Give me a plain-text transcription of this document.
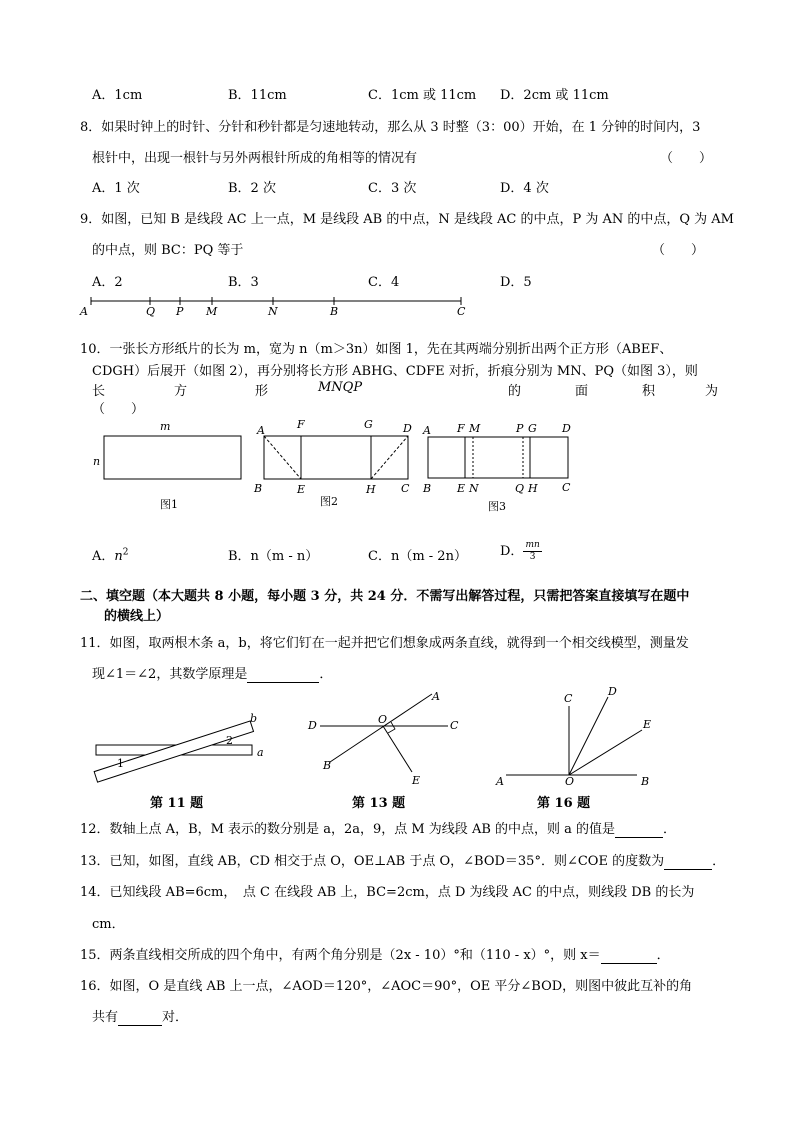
A．1cm	B．11cm	C．1cm 或 11cm D．2cm 或 11cm
8．如果时钟上的时针、分针和秒针都是匀速地转动，那么从 3 时整（3：00）开始，在 1 分钟的时间内，3
根针中，出现一根针与另外两根针所成的角相等的情况有	（　　）
A．1 次	B．2 次	C．3 次	D．4 次
9．如图，已知 B 是线段 AC 上一点，M 是线段 AB 的中点，N 是线段 AC 的中点，P 为 AN 的中点，Q 为 AM
的中点，则 BC：PQ 等于	（　　）
A．2	B．3	C．4	D．5
A	Q P M	N	B	C
10．一张长方形纸片的长为 m，宽为 n（m＞3n）如图 1，先在其两端分别折出两个正方形（ABEF、
CDGH）后展开（如图 2），再分别将长方形 ABHG、CDFE 对折，折痕分别为 MN、PQ（如图 3），则
长	方	形	MNQP	的	面	积	为
（　　）
m
n
图1
A	F	G	D
B	E	H C
图2
A F M	P G D
B E N	Q H C
图3
A．$n^2$	B．n（m - n）	C．n（m - 2n）	D． $\frac{mn}{3}$
二、填空题（本大题共 8 小题，每小题 3 分，共 24 分．不需写出解答过程，只需把答案直接填写在题中
的横线上）
11．如图，取两根木条 a，b，将它们钉在一起并把它们想象成两条直线，就得到一个相交线模型，测量发
现∠1＝∠2，其数学原理是	．
b
a
1
2
A
D	O	C
B
E
C
D
E
A	O	B
第 11 题	第 13 题	第 16 题
12．数轴上点 A，B，M 表示的数分别是 a，2a，9，点 M 为线段 AB 的中点，则 a 的值是	．
13．已知，如图，直线 AB，CD 相交于点 O，OE⊥AB 于点 O，∠BOD＝35°．则∠COE 的度数为	．
14．已知线段 AB=6cm，　点 C 在线段 AB 上，BC=2cm，点 D 为线段 AC 的中点，则线段 DB 的长为
cm．
15．两条直线相交所成的四个角中，有两个角分别是（2x - 10）°和（110 - x）°，则 x＝	．
16．如图，O 是直线 AB 上一点，∠AOD＝120°，∠AOC＝90°，OE 平分∠BOD，则图中彼此互补的角
共有	对．
